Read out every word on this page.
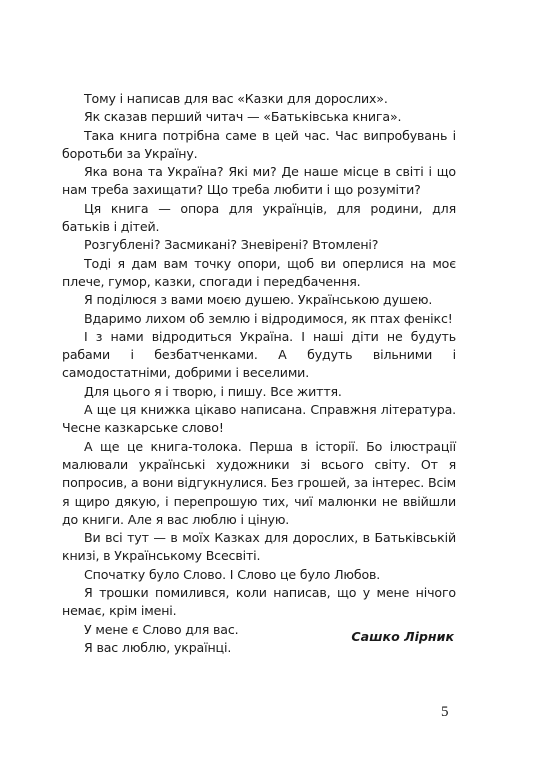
Тому і написав для вас «Казки для дорослих».

Як сказав перший читач — «Батьківська книга».

Така книга потрібна саме в цей час. Час випробувань і боротьби за Україну.

Яка вона та Україна? Які ми? Де наше місце в світі і що нам треба захищати? Що треба любити і що розуміти?

Ця книга — опора для українців, для родини, для батьків і дітей.

Розгублені? Засмикані? Зневірені? Втомлені?

Тоді я дам вам точку опори, щоб ви оперлися на моє плече, гумор, казки, спогади і передбачення.

Я поділюся з вами моєю душею. Українською душею.

Вдаримо лихом об землю і відродимося, як птах фенікс!

І з нами відродиться Україна. І наші діти не будуть рабами і безбатченками. А будуть вільними і самодостатніми, добрими і веселими.

Для цього я і творю, і пишу. Все життя.

А ще ця книжка цікаво написана. Справжня література. Чесне казкарське слово!

А ще це книга-толока. Перша в історії. Бо ілюстрації малювали українські художники зі всього світу. От я попросив, а вони відгукнулися. Без грошей, за інтерес. Всім я щиро дякую, і перепрошую тих, чиї малюнки не ввійшли до книги. Але я вас люблю і ціную.

Ви всі тут — в моїх Казках для дорослих, в Батьківській книзі, в Українському Всесвіті.

Спочатку було Слово. І Слово це було Любов.

Я трошки помилився, коли написав, що у мене нічого немає, крім імені.

У мене є Слово для вас.

Я вас люблю, українці.

Сашко Лірник
5
